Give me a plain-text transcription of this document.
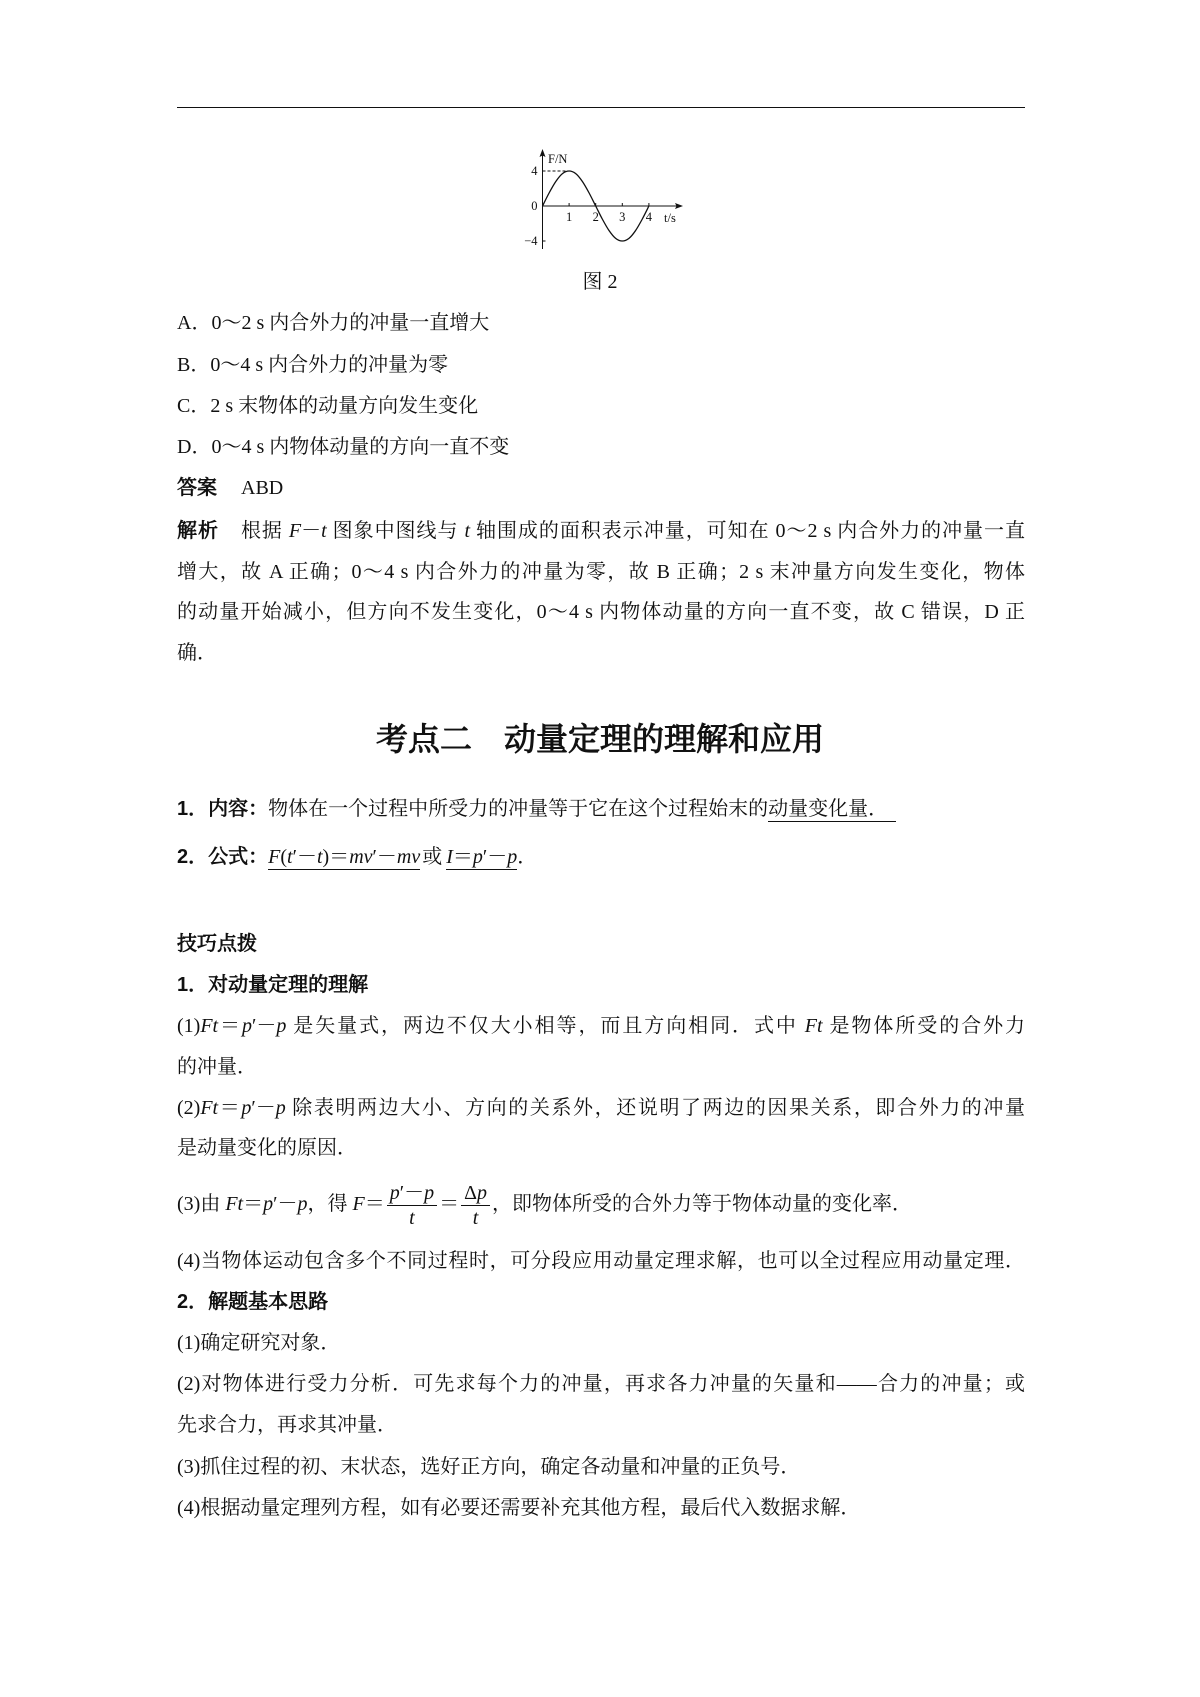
F/N
t/s
1 2 3 4
4
0
−4
图 2
A．0～2 s 内合外力的冲量一直增大
B．0～4 s 内合外力的冲量为零
C．2 s 末物体的动量方向发生变化
D．0～4 s 内物体动量的方向一直不变
答案 ABD
解析 根据 F－t 图象中图线与 t 轴围成的面积表示冲量，可知在 0～2 s 内合外力的冲量一直
增大，故 A 正确；0～4 s 内合外力的冲量为零，故 B 正确；2 s 末冲量方向发生变化，物体
的动量开始减小，但方向不发生变化，0～4 s 内物体动量的方向一直不变，故 C 错误，D 正
确．
考点二　动量定理的理解和应用
1．内容：物体在一个过程中所受力的冲量等于它在这个过程始末的动量变化量．
2．公式：F(t′－t)＝mv′－mv 或 I＝p′－p．
技巧点拨
1．对动量定理的理解
(1)Ft＝p′－p 是矢量式，两边不仅大小相等，而且方向相同．式中 Ft 是物体所受的合外力
的冲量．
(2)Ft＝p′－p 除表明两边大小、方向的关系外，还说明了两边的因果关系，即合外力的冲量
是动量变化的原因．
(3)由 Ft＝p′－p，得 $F= \frac{p'-p}{t} = \frac{\Delta p}{t}$ ，即物体所受的合外力等于物体动量的变化率．
(4)当物体运动包含多个不同过程时，可分段应用动量定理求解，也可以全过程应用动量定理．
2．解题基本思路
(1)确定研究对象．
(2)对物体进行受力分析．可先求每个力的冲量，再求各力冲量的矢量和——合力的冲量；或
先求合力，再求其冲量．
(3)抓住过程的初、末状态，选好正方向，确定各动量和冲量的正负号．
(4)根据动量定理列方程，如有必要还需要补充其他方程，最后代入数据求解．
